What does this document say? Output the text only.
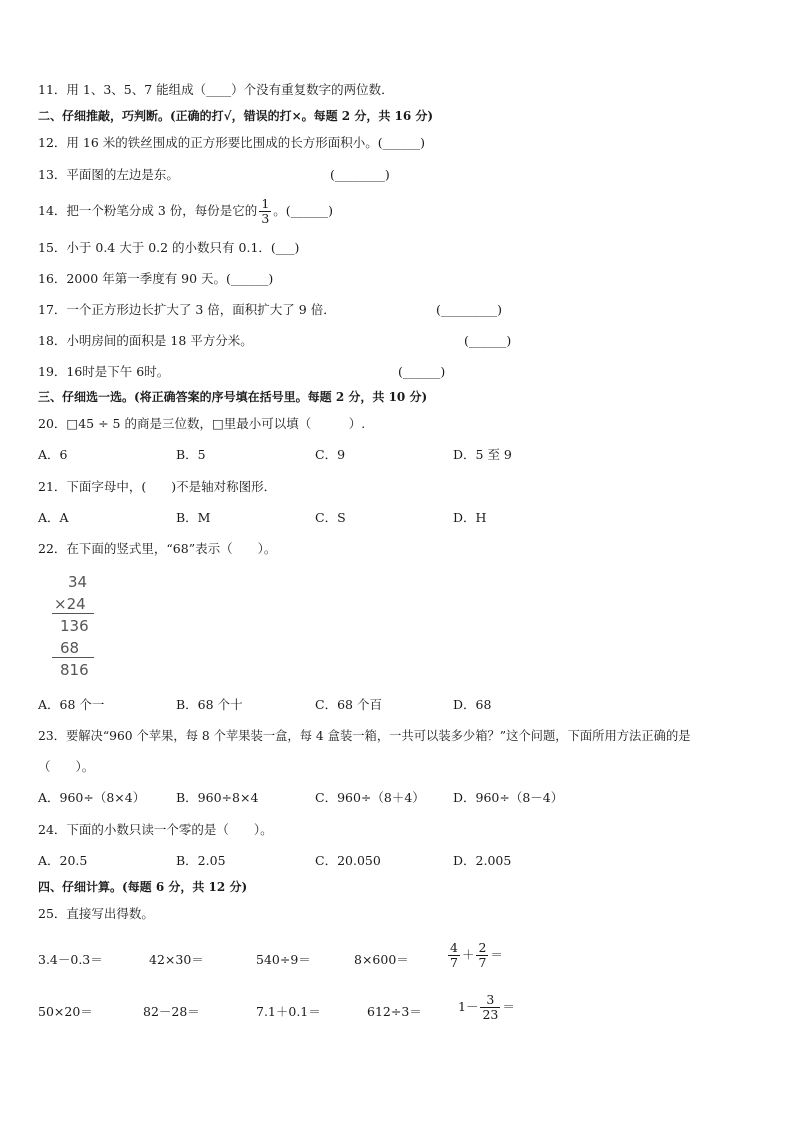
11．用 1、3、5、7 能组成（____）个没有重复数字的两位数．
二、仔细推敲，巧判断。(正确的打√，错误的打×。每题 2 分，共 16 分)
12．用 16 米的铁丝围成的正方形要比围成的长方形面积小。(______)
13．平面图的左边是东。	(________)
14．把一个粉笔分成 3 份，每份是它的 $\frac{1}{3}$ 。(______)
15．小于 0.4 大于 0.2 的小数只有 0.1．(___)
16．2000 年第一季度有 90 天。(______)
17．一个正方形边长扩大了 3 倍，面积扩大了 9 倍．	(_________)
18．小明房间的面积是 18 平方分米。	(______)
19．16时是下午 6时。	(______)
三、仔细选一选。(将正确答案的序号填在括号里。每题 2 分，共 10 分)
20．□45 ÷ 5 的商是三位数，□里最小可以填（　　　）.
A．6	B．5	C．9	D．5 至 9
21．下面字母中，(　　)不是轴对称图形．
A．A	B．M	C．S	D．H
22．在下面的竖式里，“68”表示（　　）。
34
×24
136
68
816
A．68 个一	B．68 个十	C．68 个百	D．68
23．要解决“960 个苹果，每 8 个苹果装一盒，每 4 盒装一箱，一共可以装多少箱？”这个问题，下面所用方法正确的是
（　　）。
A．960÷（8×4） B．960÷8×4	C．960÷（8＋4） D．960÷（8－4）
24．下面的小数只读一个零的是（　　）。
A．20.5	B．2.05	C．20.050	D．2.005
四、仔细计算。(每题 6 分，共 12 分)
25．直接写出得数。
3.4－0.3＝	42×30＝	540÷9＝	8×600＝	$\frac{4}{7} + \frac{2}{7}$ ＝
50×20＝	82－28＝	7.1＋0.1＝	612÷3＝	$1- \frac{3}{23}$ ＝
